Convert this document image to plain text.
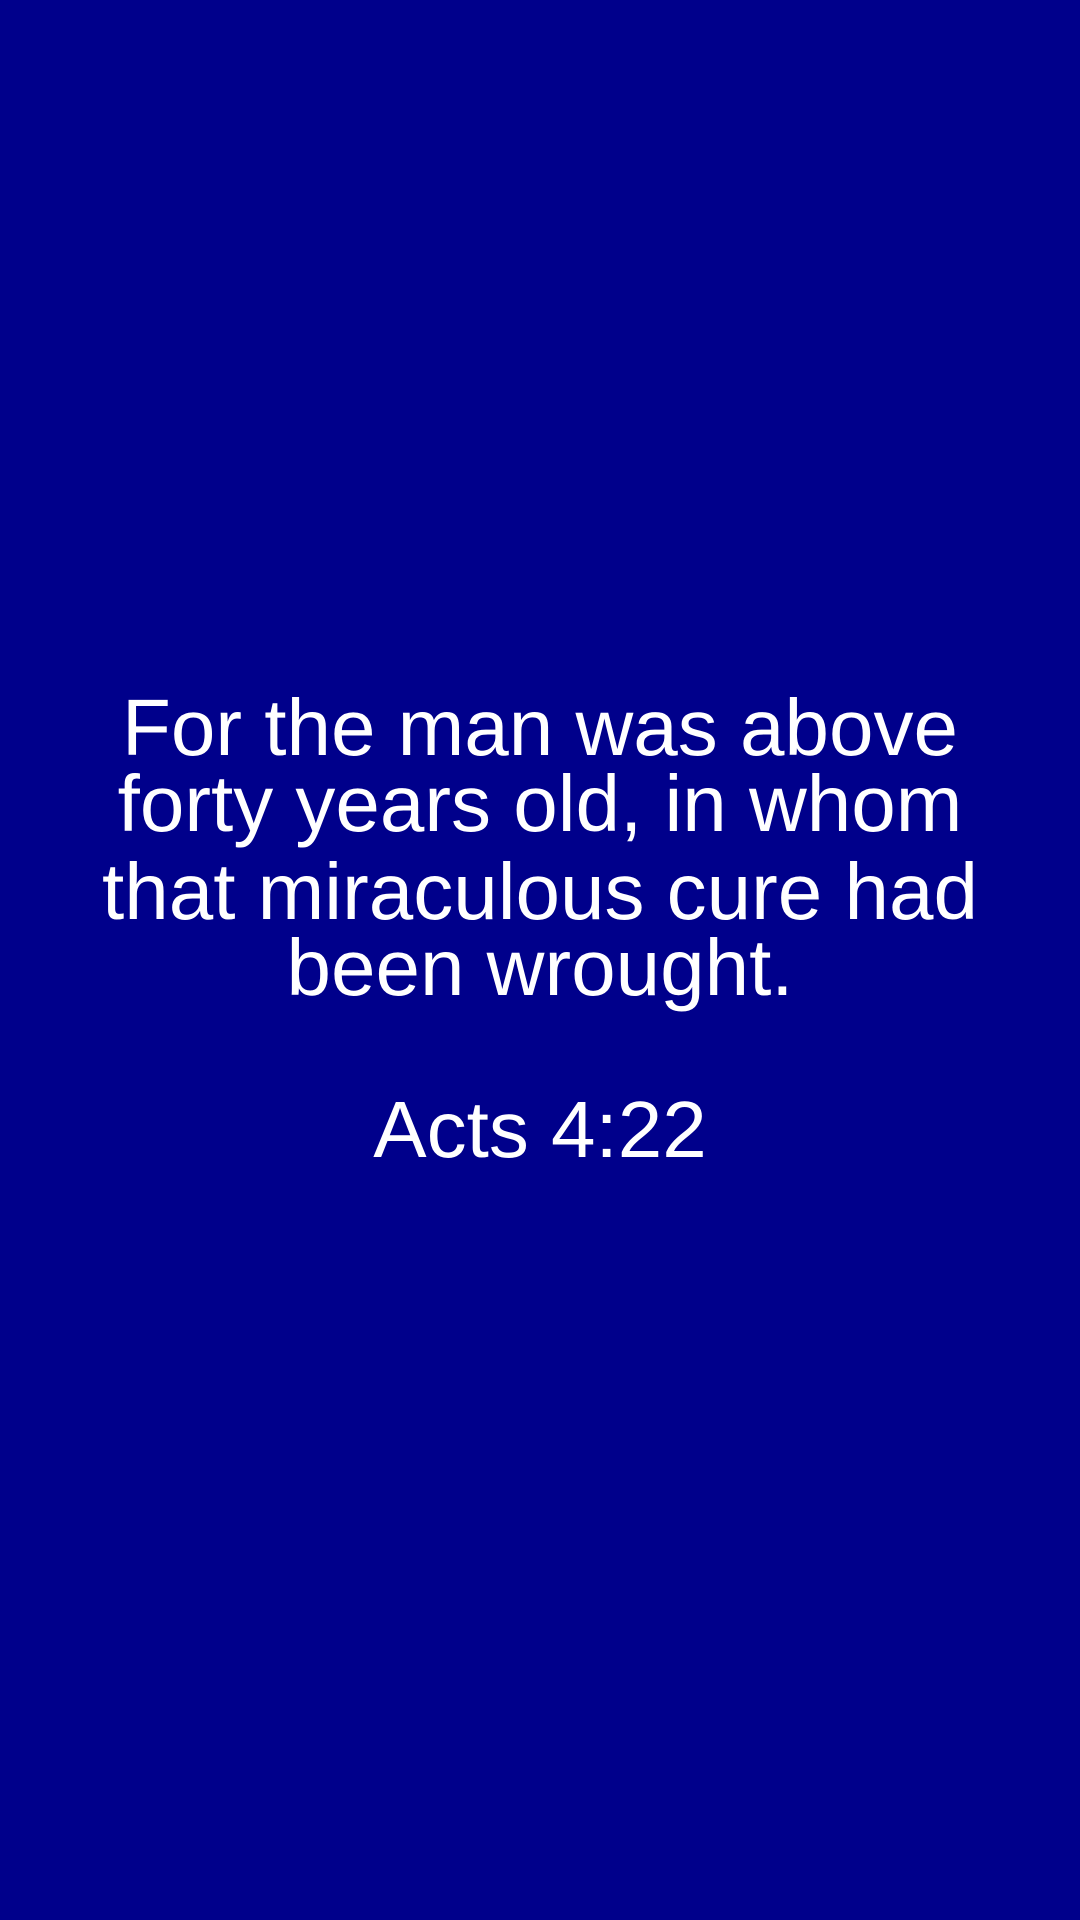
For the man was above
forty years old, in whom
that miraculous cure had
been wrought.
Acts 4:22
